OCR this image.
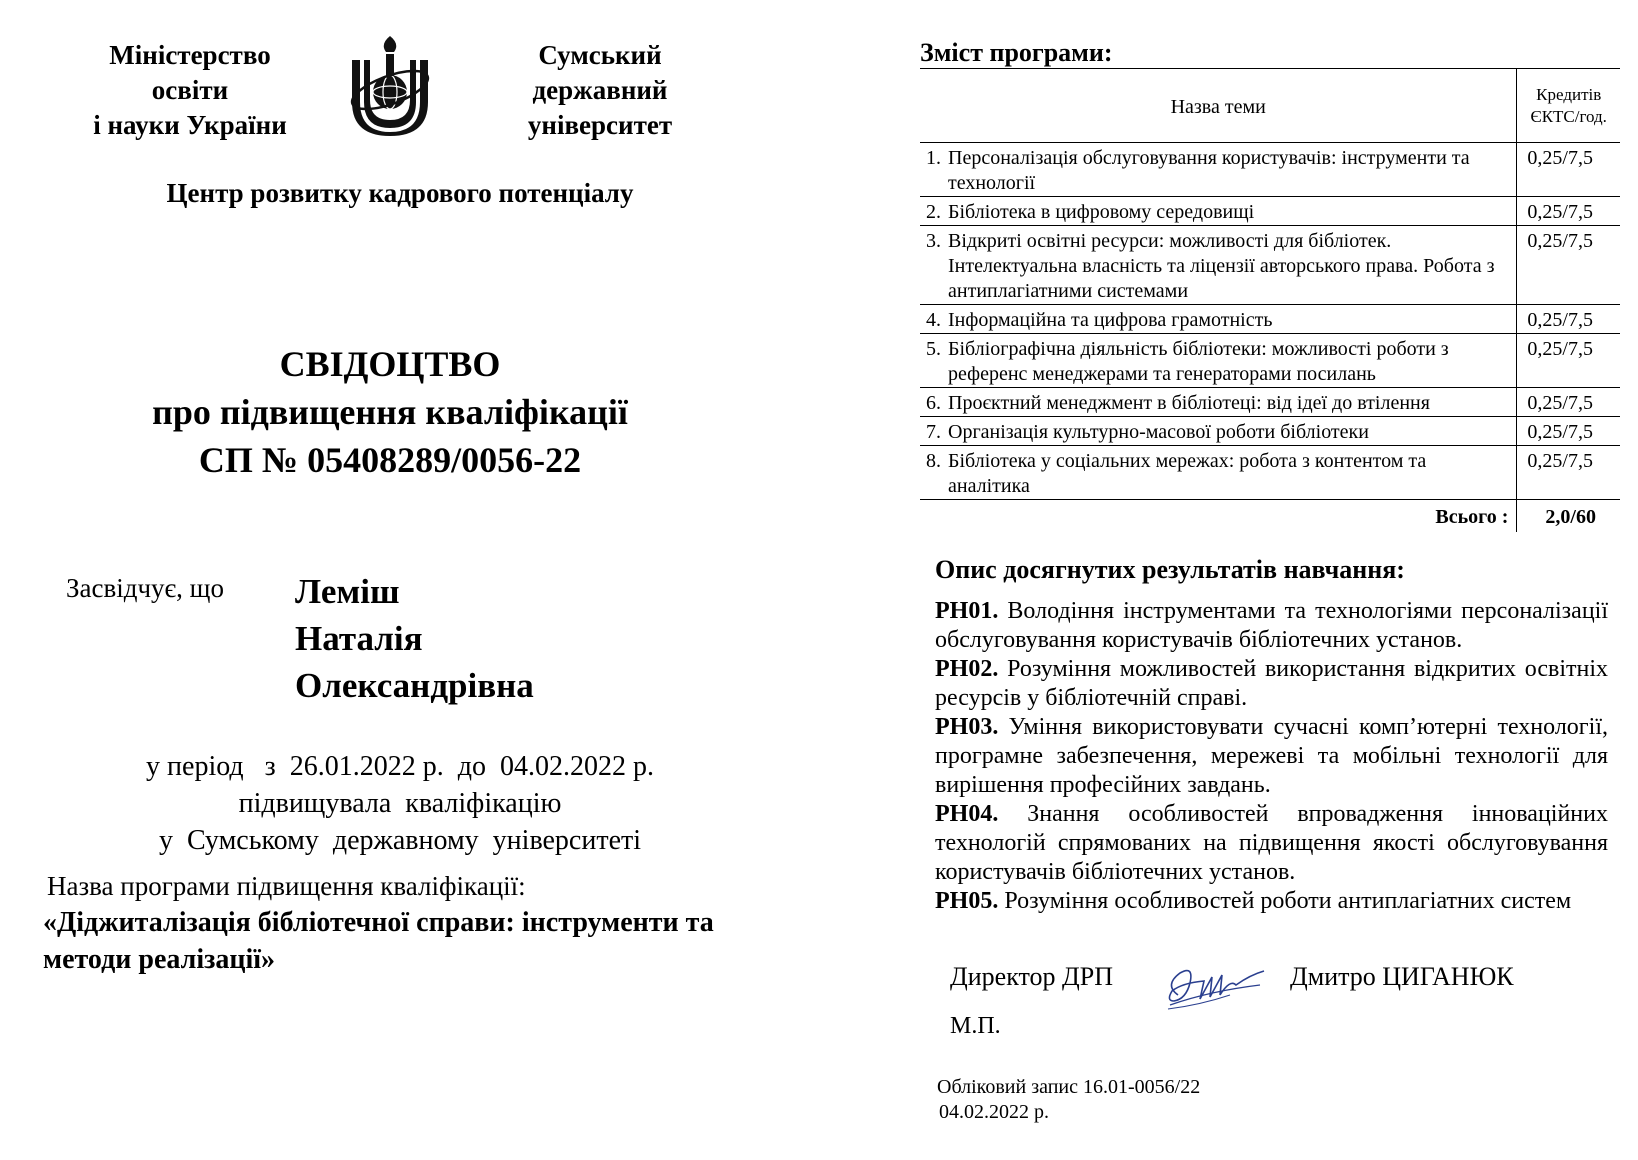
Міністерство
освіти
і науки України
Сумський
державний
університет
Центр розвитку кадрового потенціалу
СВІДОЦТВО
про підвищення кваліфікації
СП № 05408289/0056-22
Засвідчує, що Леміш
Наталія
Олександрівна
у період   з  26.01.2022 р.  до  04.02.2022 р.
підвищувала  кваліфікацію
у  Сумському  державному  університеті
Назва програми підвищення кваліфікації:
«Діджиталізація бібліотечної справи: інструменти та методи реалізації»
Зміст програми:
Назва теми	Кредитів
ЄКТС/год.

1. Персоналізація обслуговування користувачів: інструменти та технології	0,25/7,5
2. Бібліотека в цифровому середовищі	0,25/7,5
3. Відкриті освітні ресурси: можливості для бібліотек. Інтелектуальна власність та ліцензії авторського права. Робота з антиплагіатними системами	0,25/7,5
4. Інформаційна та цифрова грамотність	0,25/7,5
5. Бібліографічна діяльність бібліотеки: можливості роботи з референс менеджерами та генераторами посилань	0,25/7,5
6. Проєктний менеджмент в бібліотеці: від ідеї до втілення	0,25/7,5
7. Організація культурно-масової роботи бібліотеки	0,25/7,5
8. Бібліотека у соціальних мережах: робота з контентом та аналітика	0,25/7,5
Всього :	2,0/60
Опис досягнутих результатів навчання:

РН01. Володіння інструментами та технологіями персоналізації обслуговування користувачів бібліотечних установ.

РН02. Розуміння можливостей використання відкритих освітніх ресурсів у бібліотечній справі.

РН03. Уміння використовувати сучасні комп’ютерні технології, програмне забезпечення, мережеві та мобільні технології для вирішення професійних завдань.

РН04. Знання особливостей впровадження інноваційних технологій спрямованих на підвищення якості обслуговування користувачів бібліотечних установ.

РН05. Розуміння особливостей роботи антиплагіатних систем

Директор ДРП	Дмитро ЦИГАНЮК
М.П.
Обліковий запис 16.01-0056/22
04.02.2022 р.
